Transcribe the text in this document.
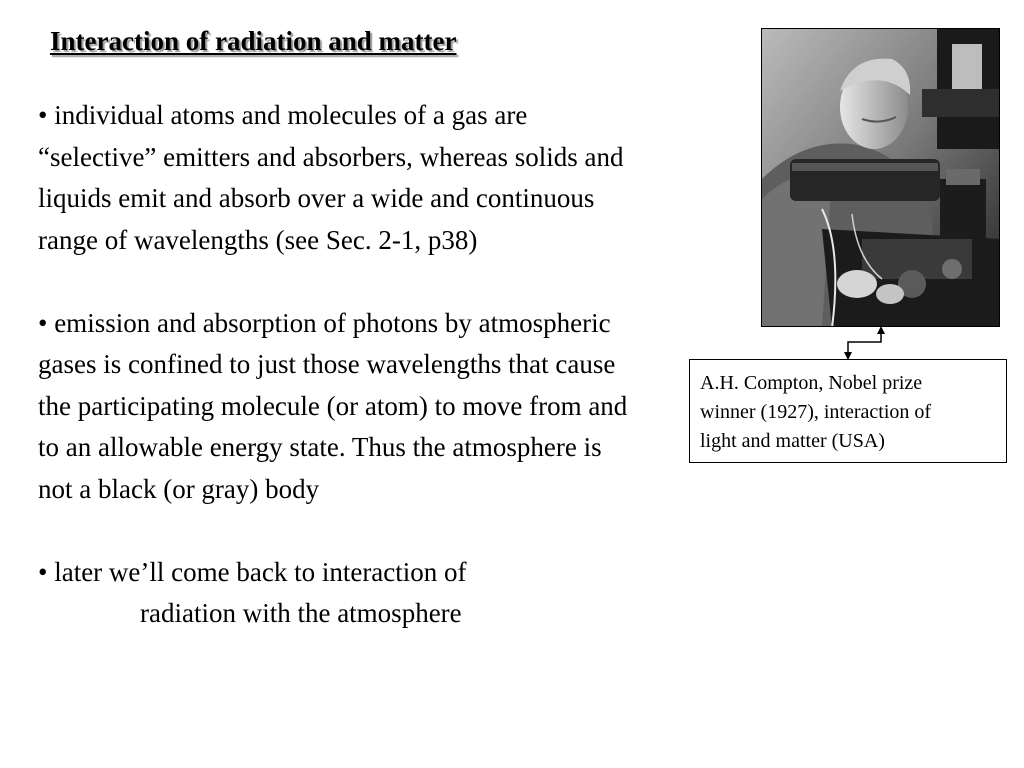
Interaction of radiation and matter
• individual atoms and molecules of a gas are “selective” emitters and absorbers, whereas solids and liquids emit and absorb over a wide and continuous range of wavelengths (see Sec. 2-1, p38)
• emission and absorption of photons by atmospheric gases is confined to just those wavelengths that cause the participating molecule (or atom) to move from and to an allowable energy state. Thus the atmosphere is not a black (or gray) body
• later we’ll come back to interaction of
radiation with the atmosphere
A.H. Compton, Nobel prize
winner (1927), interaction of
light and matter (USA)
